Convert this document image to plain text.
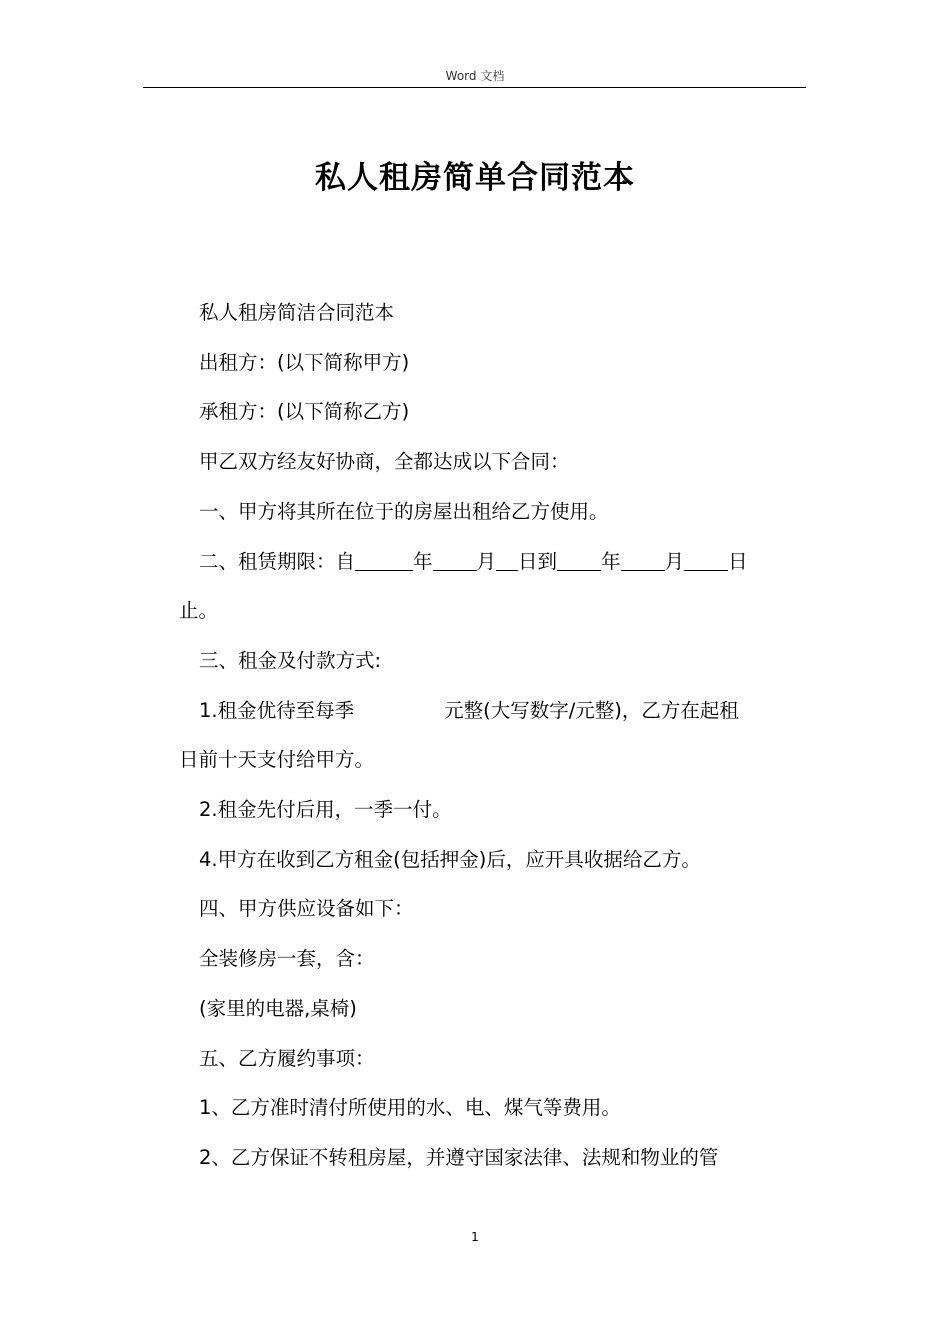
Word 文档
私人租房简单合同范本

私人租房简洁合同范本

出租方：(以下简称甲方)

承租方：(以下简称乙方)

甲乙双方经友好协商，全都达成以下合同：

一、甲方将其所在位于的房屋出租给乙方使用。

二、租赁期限：自	年 月 日到 年 月 日

止。

三、租金及付款方式:

1.租金优待至每季	元整(大写数字/元整)，乙方在起租

日前十天支付给甲方。

2.租金先付后用，一季一付。

4.甲方在收到乙方租金(包括押金)后，应开具收据给乙方。

四、甲方供应设备如下：

全装修房一套，含：

(家里的电器,桌椅)

五、乙方履约事项：

1、乙方准时清付所使用的水、电、煤气等费用。

2、乙方保证不转租房屋，并遵守国家法律、法规和物业的管

1
